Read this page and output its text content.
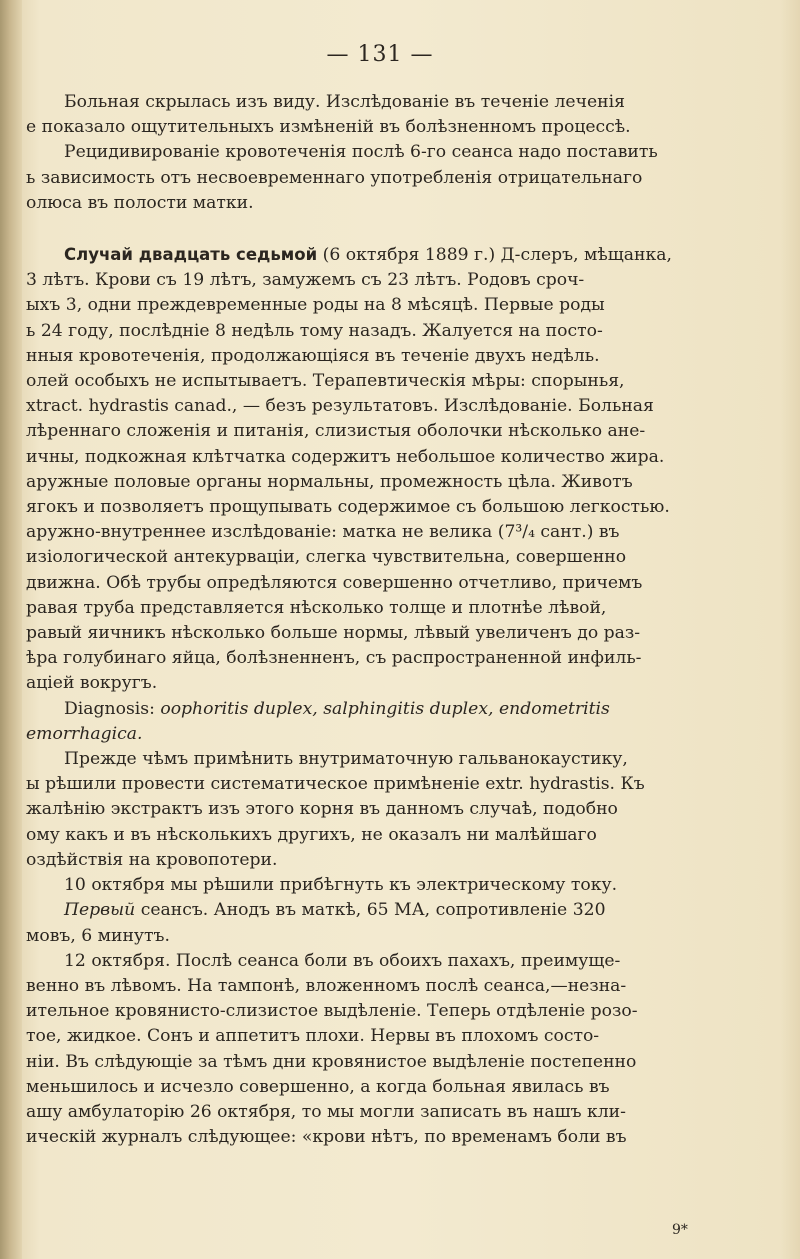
— 131 —
Больная скрылась изъ виду. Изслѣдованіе въ теченіе леченія
е показало ощутительныхъ измѣненій въ болѣзненномъ процессѣ.
Рецидивированіе кровотеченія послѣ 6-го сеанса надо поставить
ь зависимость отъ несвоевременнаго употребленія отрицательнаго
олюса въ полости матки.
Случай двадцать седьмой (6 октября 1889 г.) Д-слеръ, мѣщанка,
3 лѣтъ. Крови съ 19 лѣтъ, замужемъ съ 23 лѣтъ. Родовъ сроч-
ыхъ 3, одни преждевременные роды на 8 мѣсяцѣ. Первые роды
ь 24 году, послѣдніе 8 недѣль тому назадъ. Жалуется на посто-
нныя кровотеченія, продолжающіяся въ теченіе двухъ недѣль.
олей особыхъ не испытываетъ. Терапевтическія мѣры: спорынья,
xtract. hydrastis canad., — безъ результатовъ. Изслѣдованіе. Больная
лѣреннаго сложенія и питанія, слизистыя оболочки нѣсколько ане-
ичны, подкожная клѣтчатка содержитъ небольшое количество жира.
аружные половые органы нормальны, промежность цѣла. Животъ
ягокъ и позволяетъ прощупывать содержимое съ большою легкостью.
аружно-внутреннее изслѣдованіе: матка не велика (7³/₄ сант.) въ
изіологической антекурваціи, слегка чувствительна, совершенно
движна. Обѣ трубы опредѣляются совершенно отчетливо, причемъ
равая труба представляется нѣсколько толще и плотнѣе лѣвой,
равый яичникъ нѣсколько больше нормы, лѣвый увеличенъ до раз-
ѣра голубинаго яйца, болѣзненненъ, съ распространенной инфиль-
аціей вокругъ.
Diagnosis: oophoritis duplex, salphingitis duplex, endometritis
emorrhagica.
Прежде чѣмъ примѣнить внутриматочную гальванокаустику,
ы рѣшили провести систематическое примѣненіе extr. hydrastis. Къ
жалѣнію экстрактъ изъ этого корня въ данномъ случаѣ, подобно
ому какъ и въ нѣсколькихъ другихъ, не оказалъ ни малѣйшаго
оздѣйствія на кровопотери.
10 октября мы рѣшили прибѣгнуть къ электрическому току.
Первый сеансъ. Анодъ въ маткѣ, 65 МА, сопротивленіе 320
мовъ, 6 минутъ.
12 октября. Послѣ сеанса боли въ обоихъ пахахъ, преимуще-
венно въ лѣвомъ. На тампонѣ, вложенномъ послѣ сеанса,—незна-
ительное кровянисто-слизистое выдѣленіе. Теперь отдѣленіе розо-
тое, жидкое. Сонъ и аппетитъ плохи. Нервы въ плохомъ состо-
ніи. Въ слѣдующіе за тѣмъ дни кровянистое выдѣленіе постепенно
меньшилось и исчезло совершенно, а когда больная явилась въ
ашу амбулаторію 26 октября, то мы могли записать въ нашъ кли-
ическій журналъ слѣдующее: «крови нѣтъ, по временамъ боли въ
9*
